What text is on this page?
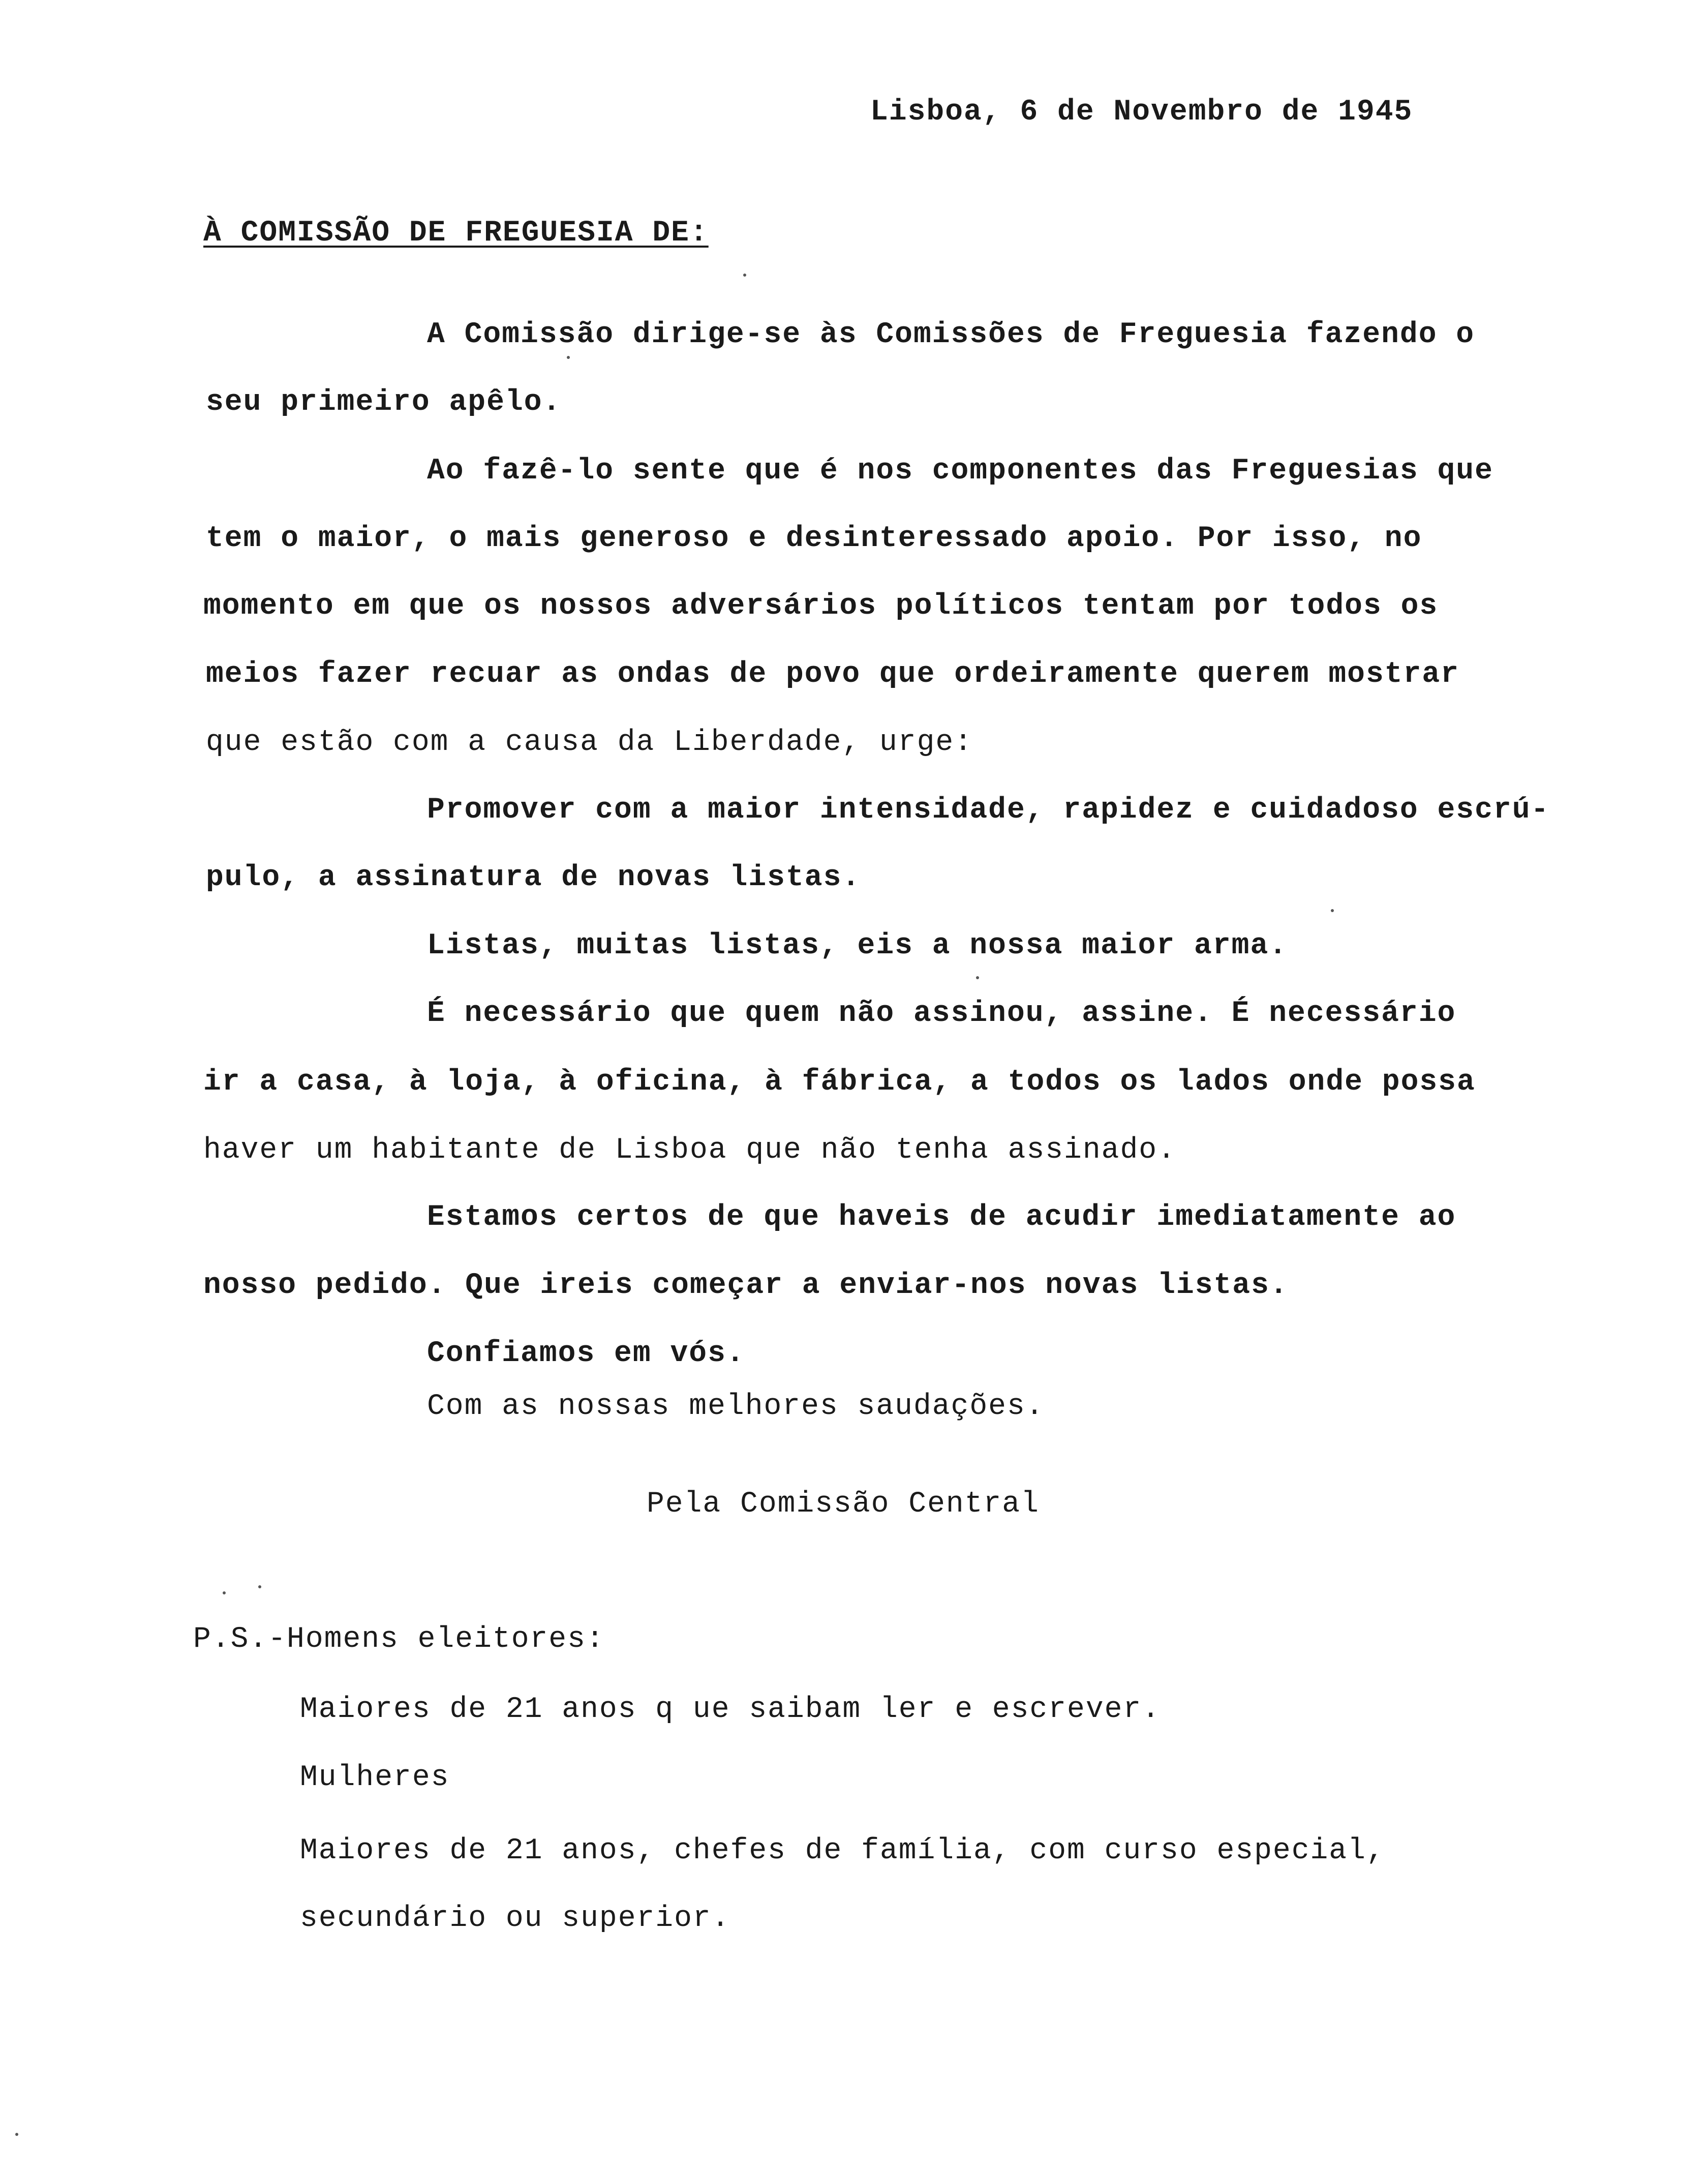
Lisboa, 6 de Novembro de 1945

À COMISSÃO DE FREGUESIA DE:

A Comissão dirige-se às Comissões de Freguesia fazendo o

seu primeiro apêlo.

Ao fazê-lo sente que é nos componentes das Freguesias que

tem o maior, o mais generoso e desinteressado apoio. Por isso, no

momento em que os nossos adversários políticos tentam por todos os

meios fazer recuar as ondas de povo que ordeiramente querem mostrar

que estão com a causa da Liberdade, urge:

Promover com a maior intensidade, rapidez e cuidadoso escrú-

pulo, a assinatura de novas listas.

Listas, muitas listas, eis a nossa maior arma.

É necessário que quem não assinou, assine. É necessário

ir a casa, à loja, à oficina, à fábrica, a todos os lados onde possa

haver um habitante de Lisboa que não tenha assinado.

Estamos certos de que haveis de acudir imediatamente ao

nosso pedido. Que ireis começar a enviar-nos novas listas.

Confiamos em vós.

Com as nossas melhores saudações.

Pela Comissão Central

P.S.-Homens eleitores:

Maiores de 21 anos q ue saibam ler e escrever.

Mulheres

Maiores de 21 anos, chefes de família, com curso especial,

secundário ou superior.
